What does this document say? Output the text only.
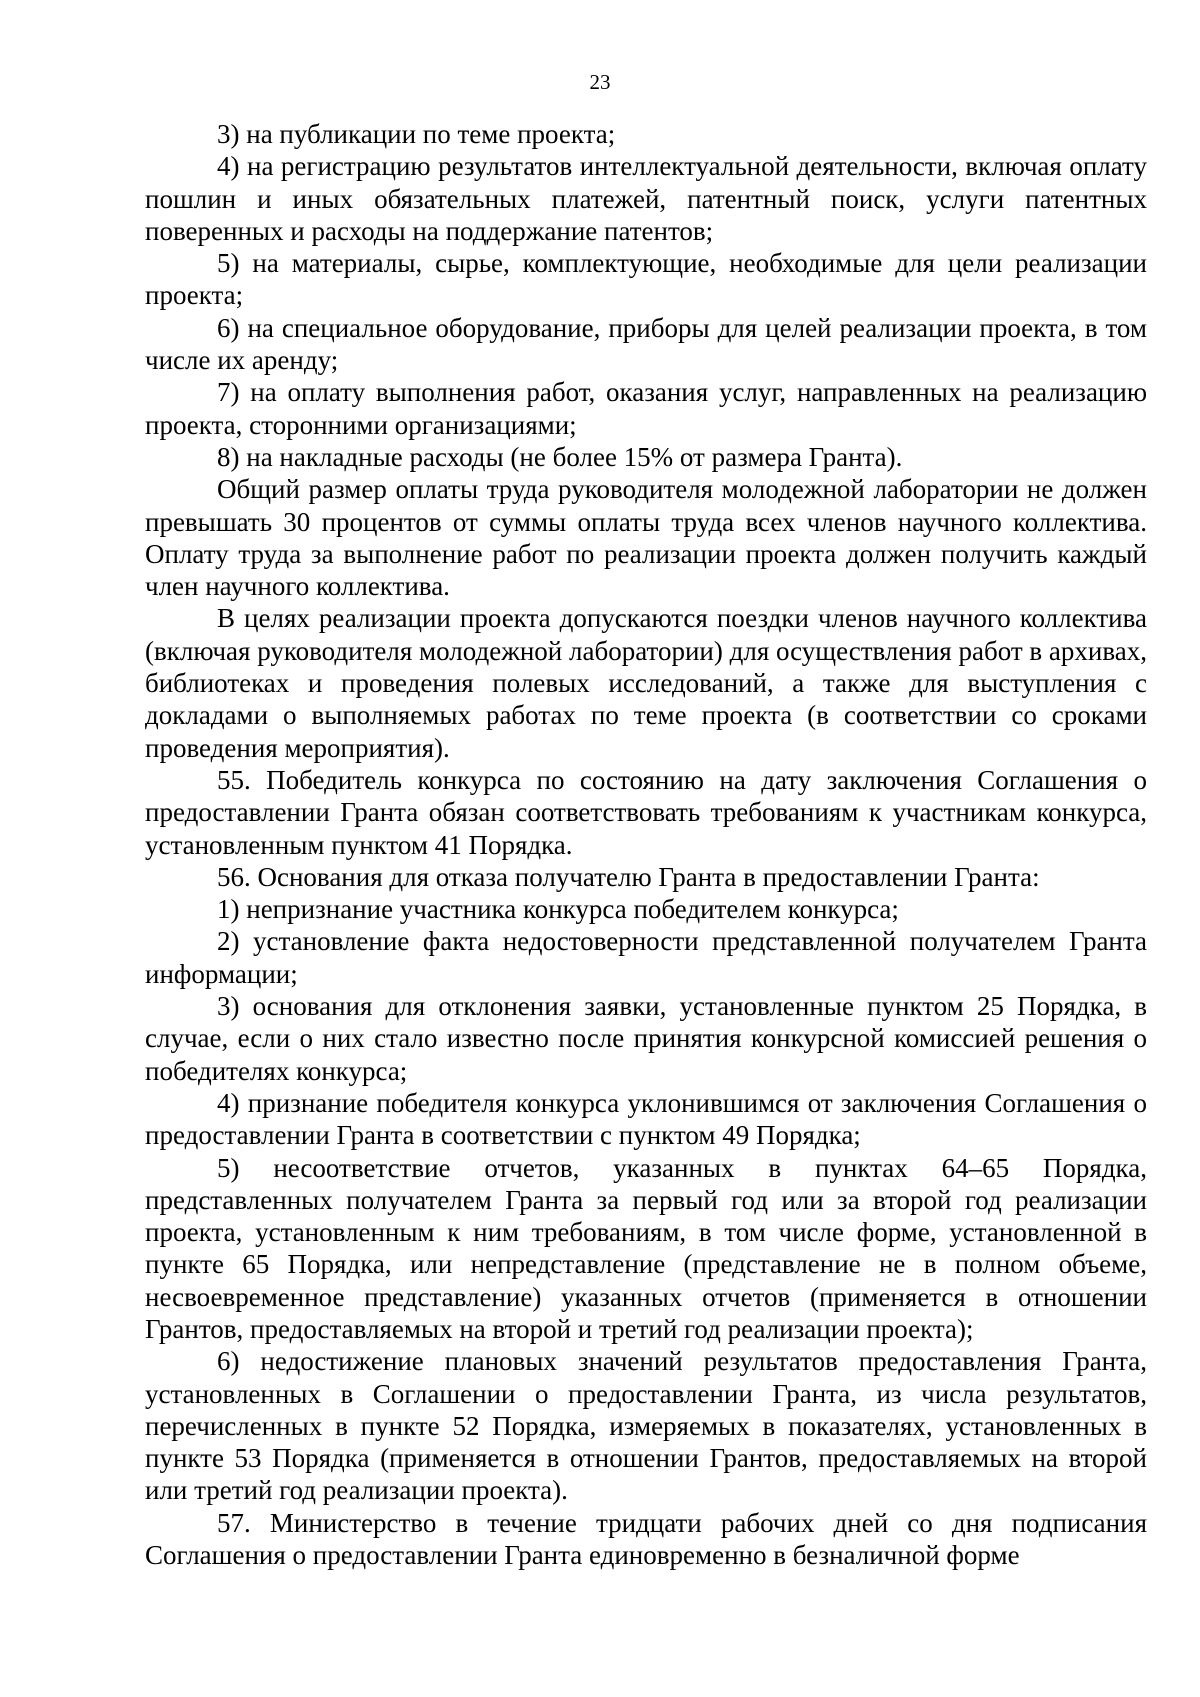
23

3) на публикации по теме проекта;

4) на регистрацию результатов интеллектуальной деятельности, включая оплату пошлин и иных обязательных платежей, патентный поиск, услуги патентных поверенных и расходы на поддержание патентов;

5) на материалы, сырье, комплектующие, необходимые для цели реализации проекта;

6) на специальное оборудование, приборы для целей реализации проекта, в том числе их аренду;

7) на оплату выполнения работ, оказания услуг, направленных на реализацию проекта, сторонними организациями;

8) на накладные расходы (не более 15% от размера Гранта).

Общий размер оплаты труда руководителя молодежной лаборатории не должен превышать 30 процентов от суммы оплаты труда всех членов научного коллектива. Оплату труда за выполнение работ по реализации проекта должен получить каждый член научного коллектива.

В целях реализации проекта допускаются поездки членов научного коллектива (включая руководителя молодежной лаборатории) для осуществления работ в архивах, библиотеках и проведения полевых исследований, а также для выступления с докладами о выполняемых работах по теме проекта (в соответствии со сроками проведения мероприятия).

55. Победитель конкурса по состоянию на дату заключения Соглашения о предоставлении Гранта обязан соответствовать требованиям к участникам конкурса, установленным пунктом 41 Порядка.

56. Основания для отказа получателю Гранта в предоставлении Гранта:

1) непризнание участника конкурса победителем конкурса;

2) установление факта недостоверности представленной получателем Гранта информации;

3) основания для отклонения заявки, установленные пунктом 25 Порядка, в случае, если о них стало известно после принятия конкурсной комиссией решения о победителях конкурса;

4) признание победителя конкурса уклонившимся от заключения Соглашения о предоставлении Гранта в соответствии с пунктом 49 Порядка;

5) несоответствие отчетов, указанных в пунктах 64–65 Порядка, представленных получателем Гранта за первый год или за второй год реализации проекта, установленным к ним требованиям, в том числе форме, установленной в пункте 65 Порядка, или непредставление (представление не в полном объеме, несвоевременное представление) указанных отчетов (применяется в отношении Грантов, предоставляемых на второй и третий год реализации проекта);

6) недостижение плановых значений результатов предоставления Гранта, установленных в Соглашении о предоставлении Гранта, из числа результатов, перечисленных в пункте 52 Порядка, измеряемых в показателях, установленных в пункте 53 Порядка (применяется в отношении Грантов, предоставляемых на второй или третий год реализации проекта).

57. Министерство в течение тридцати рабочих дней со дня подписания Соглашения о предоставлении Гранта единовременно в безналичной форме
